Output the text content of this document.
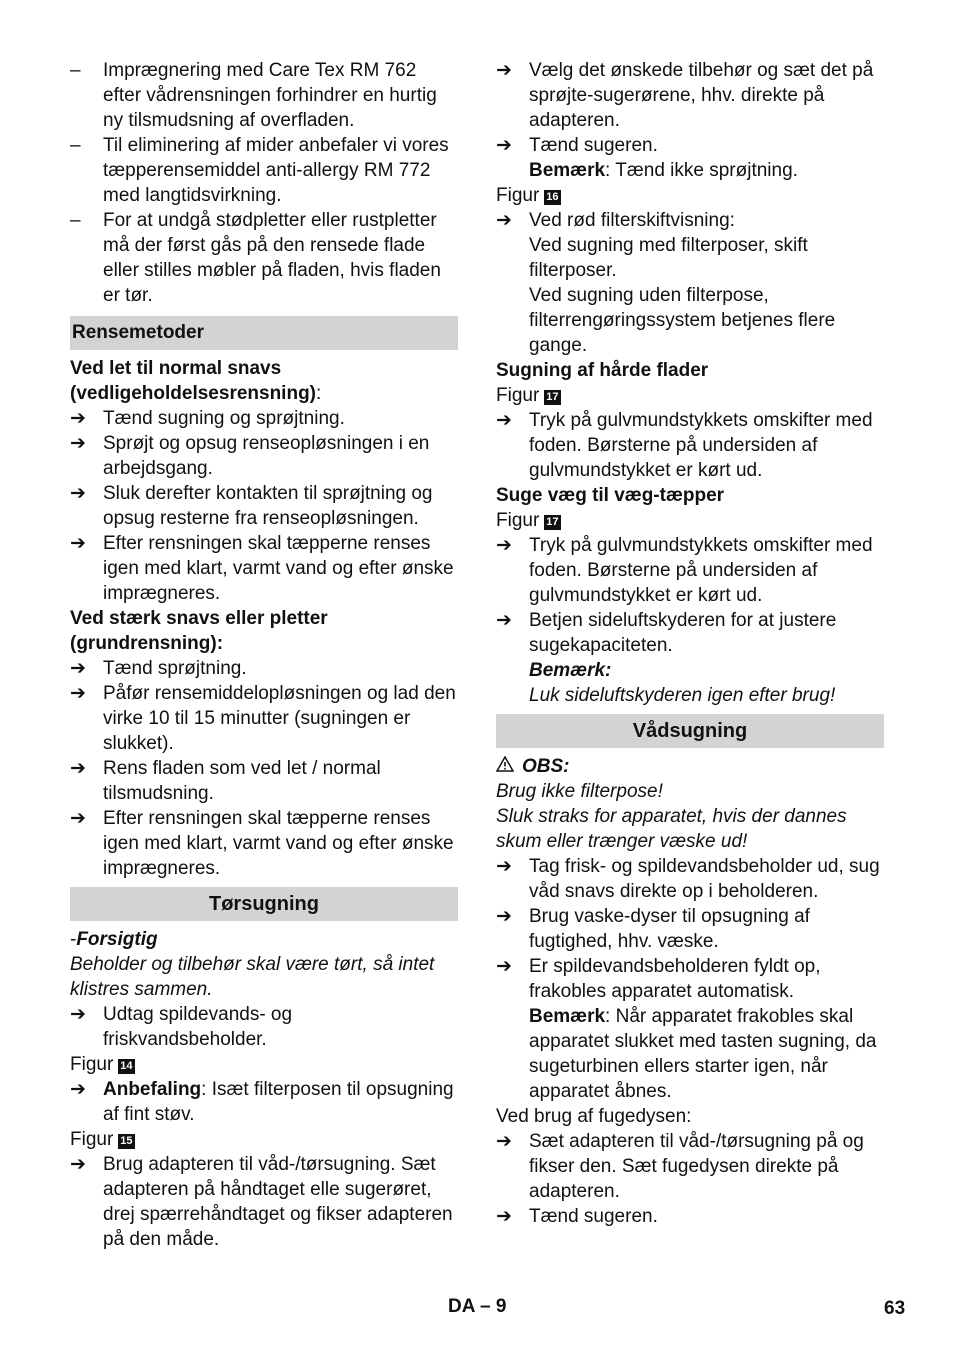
–	Imprægnering med Care Tex RM 762 efter vådrensningen forhindrer en hurtig ny tilsmudsning af overfladen.
–	Til eliminering af mider anbefaler vi vores tæpperensemiddel anti-allergy RM 772 med langtidsvirkning.
–	For at undgå stødpletter eller rustpletter må der først gås på den rensede flade eller stilles møbler på fladen, hvis fladen er tør.
Rensemetoder
Ved let til normal snavs (vedligeholdelsesrensning):
➔ Tænd sugning og sprøjtning.
➔ Sprøjt og opsug renseopløsningen i en arbejdsgang.
➔ Sluk derefter kontakten til sprøjtning og opsug resterne fra renseopløsningen.
➔ Efter rensningen skal tæpperne renses igen med klart, varmt vand og efter ønske imprægneres.
Ved stærk snavs eller pletter (grundrensning):
➔ Tænd sprøjtning.
➔ Påfør rensemiddelopløsningen og lad den virke 10 til 15 minutter (sugningen er slukket).
➔ Rens fladen som ved let / normal tilsmudsning.
➔ Efter rensningen skal tæpperne renses igen med klart, varmt vand og efter ønske imprægneres.
Tørsugning
-Forsigtig
Beholder og tilbehør skal være tørt, så intet klistres sammen.
➔ Udtag spildevands- og friskvandsbeholder.
Figur 14
➔ Anbefaling: Isæt filterposen til opsugning af fint støv.
Figur 15
➔ Brug adapteren til våd-/tørsugning. Sæt adapteren på håndtaget elle sugerøret, drej spærrehåndtaget og fikser adapteren på den måde.
➔ Vælg det ønskede tilbehør og sæt det på sprøjte-sugerørene, hhv. direkte på adapteren.
➔ Tænd sugeren.
Bemærk: Tænd ikke sprøjtning.
Figur 16
➔ Ved rød filterskiftvisning:
Ved sugning med filterposer, skift filterposer.
Ved sugning uden filterpose, filterrengøringssystem betjenes flere gange.
Sugning af hårde flader
Figur 17
➔ Tryk på gulvmundstykkets omskifter med foden. Børsterne på undersiden af gulvmundstykket er kørt ud.
Suge væg til væg-tæpper
Figur 17
➔ Tryk på gulvmundstykkets omskifter med foden. Børsterne på undersiden af gulvmundstykket er kørt ud.
➔ Betjen sideluftskyderen for at justere sugekapaciteten.
Bemærk:
Luk sideluftskyderen igen efter brug!
Vådsugning
OBS:
Brug ikke filterpose!
Sluk straks for apparatet, hvis der dannes skum eller trænger væske ud!
➔ Tag frisk- og spildevandsbeholder ud, sug våd snavs direkte op i beholderen.
➔ Brug vaske-dyser til opsugning af fugtighed, hhv. væske.
➔ Er spildevandsbeholderen fyldt op, frakobles apparatet automatisk.
Bemærk: Når apparatet frakobles skal apparatet slukket med tasten sugning, da sugeturbinen ellers starter igen, når apparatet åbnes.
Ved brug af fugedysen:
➔ Sæt adapteren til våd-/tørsugning på og fikser den. Sæt fugedysen direkte på adapteren.
➔ Tænd sugeren.
DA – 9	63
